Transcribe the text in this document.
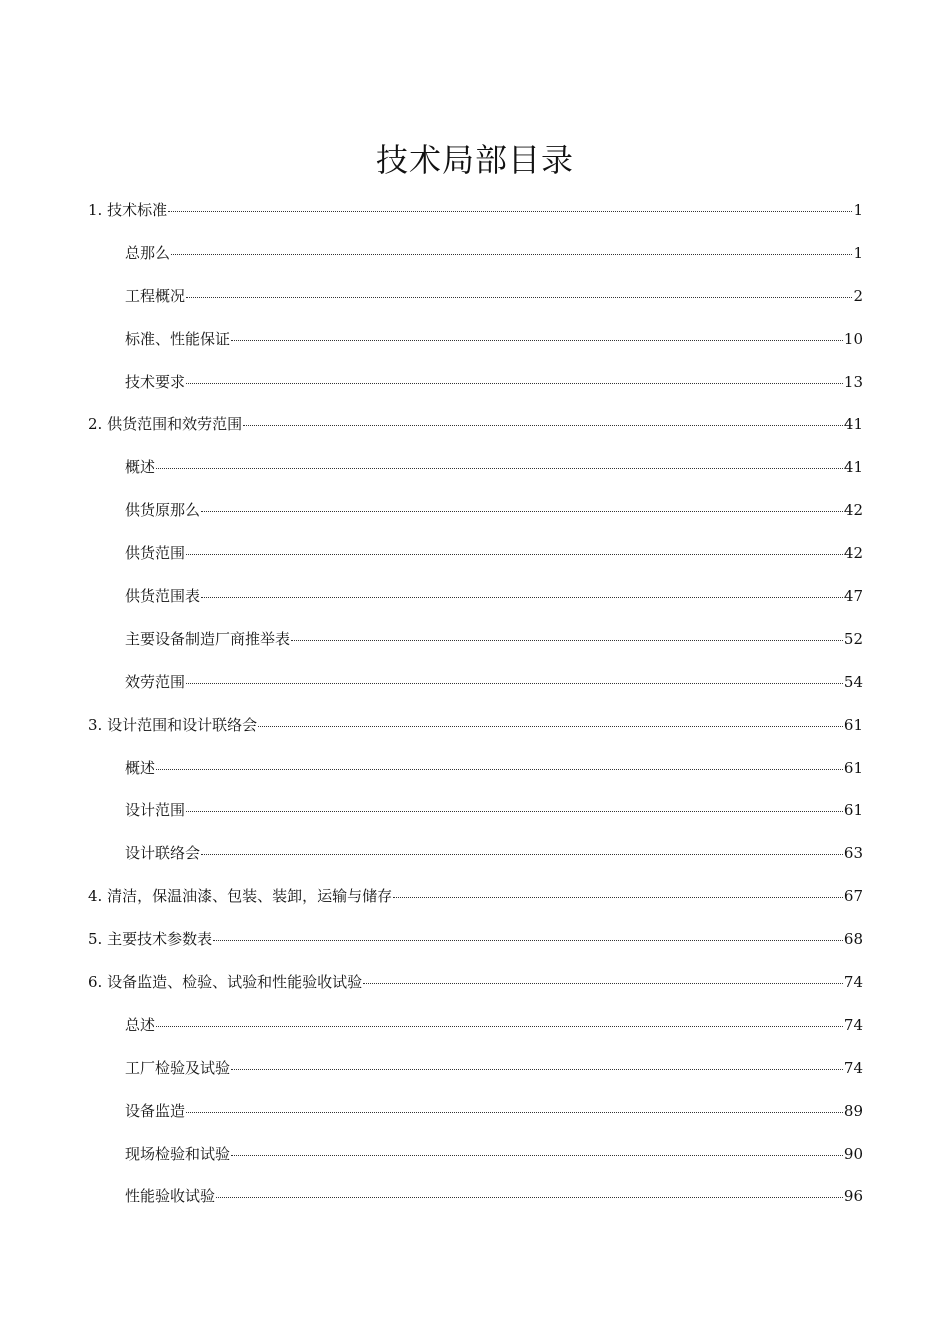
技术局部目录
1. 技术标准	1
总那么	1
工程概况	2
标准、性能保证	10
技术要求	13
2. 供货范围和效劳范围	41
概述	41
供货原那么	42
供货范围	42
供货范围表	47
主要设备制造厂商推举表	52
效劳范围	54
3. 设计范围和设计联络会	61
概述	61
设计范围	61
设计联络会	63
4. 清洁，保温油漆、包装、装卸，运输与储存	67
5. 主要技术参数表	68
6. 设备监造、检验、试验和性能验收试验	74
总述	74
工厂检验及试验	74
设备监造	89
现场检验和试验	90
性能验收试验	96
